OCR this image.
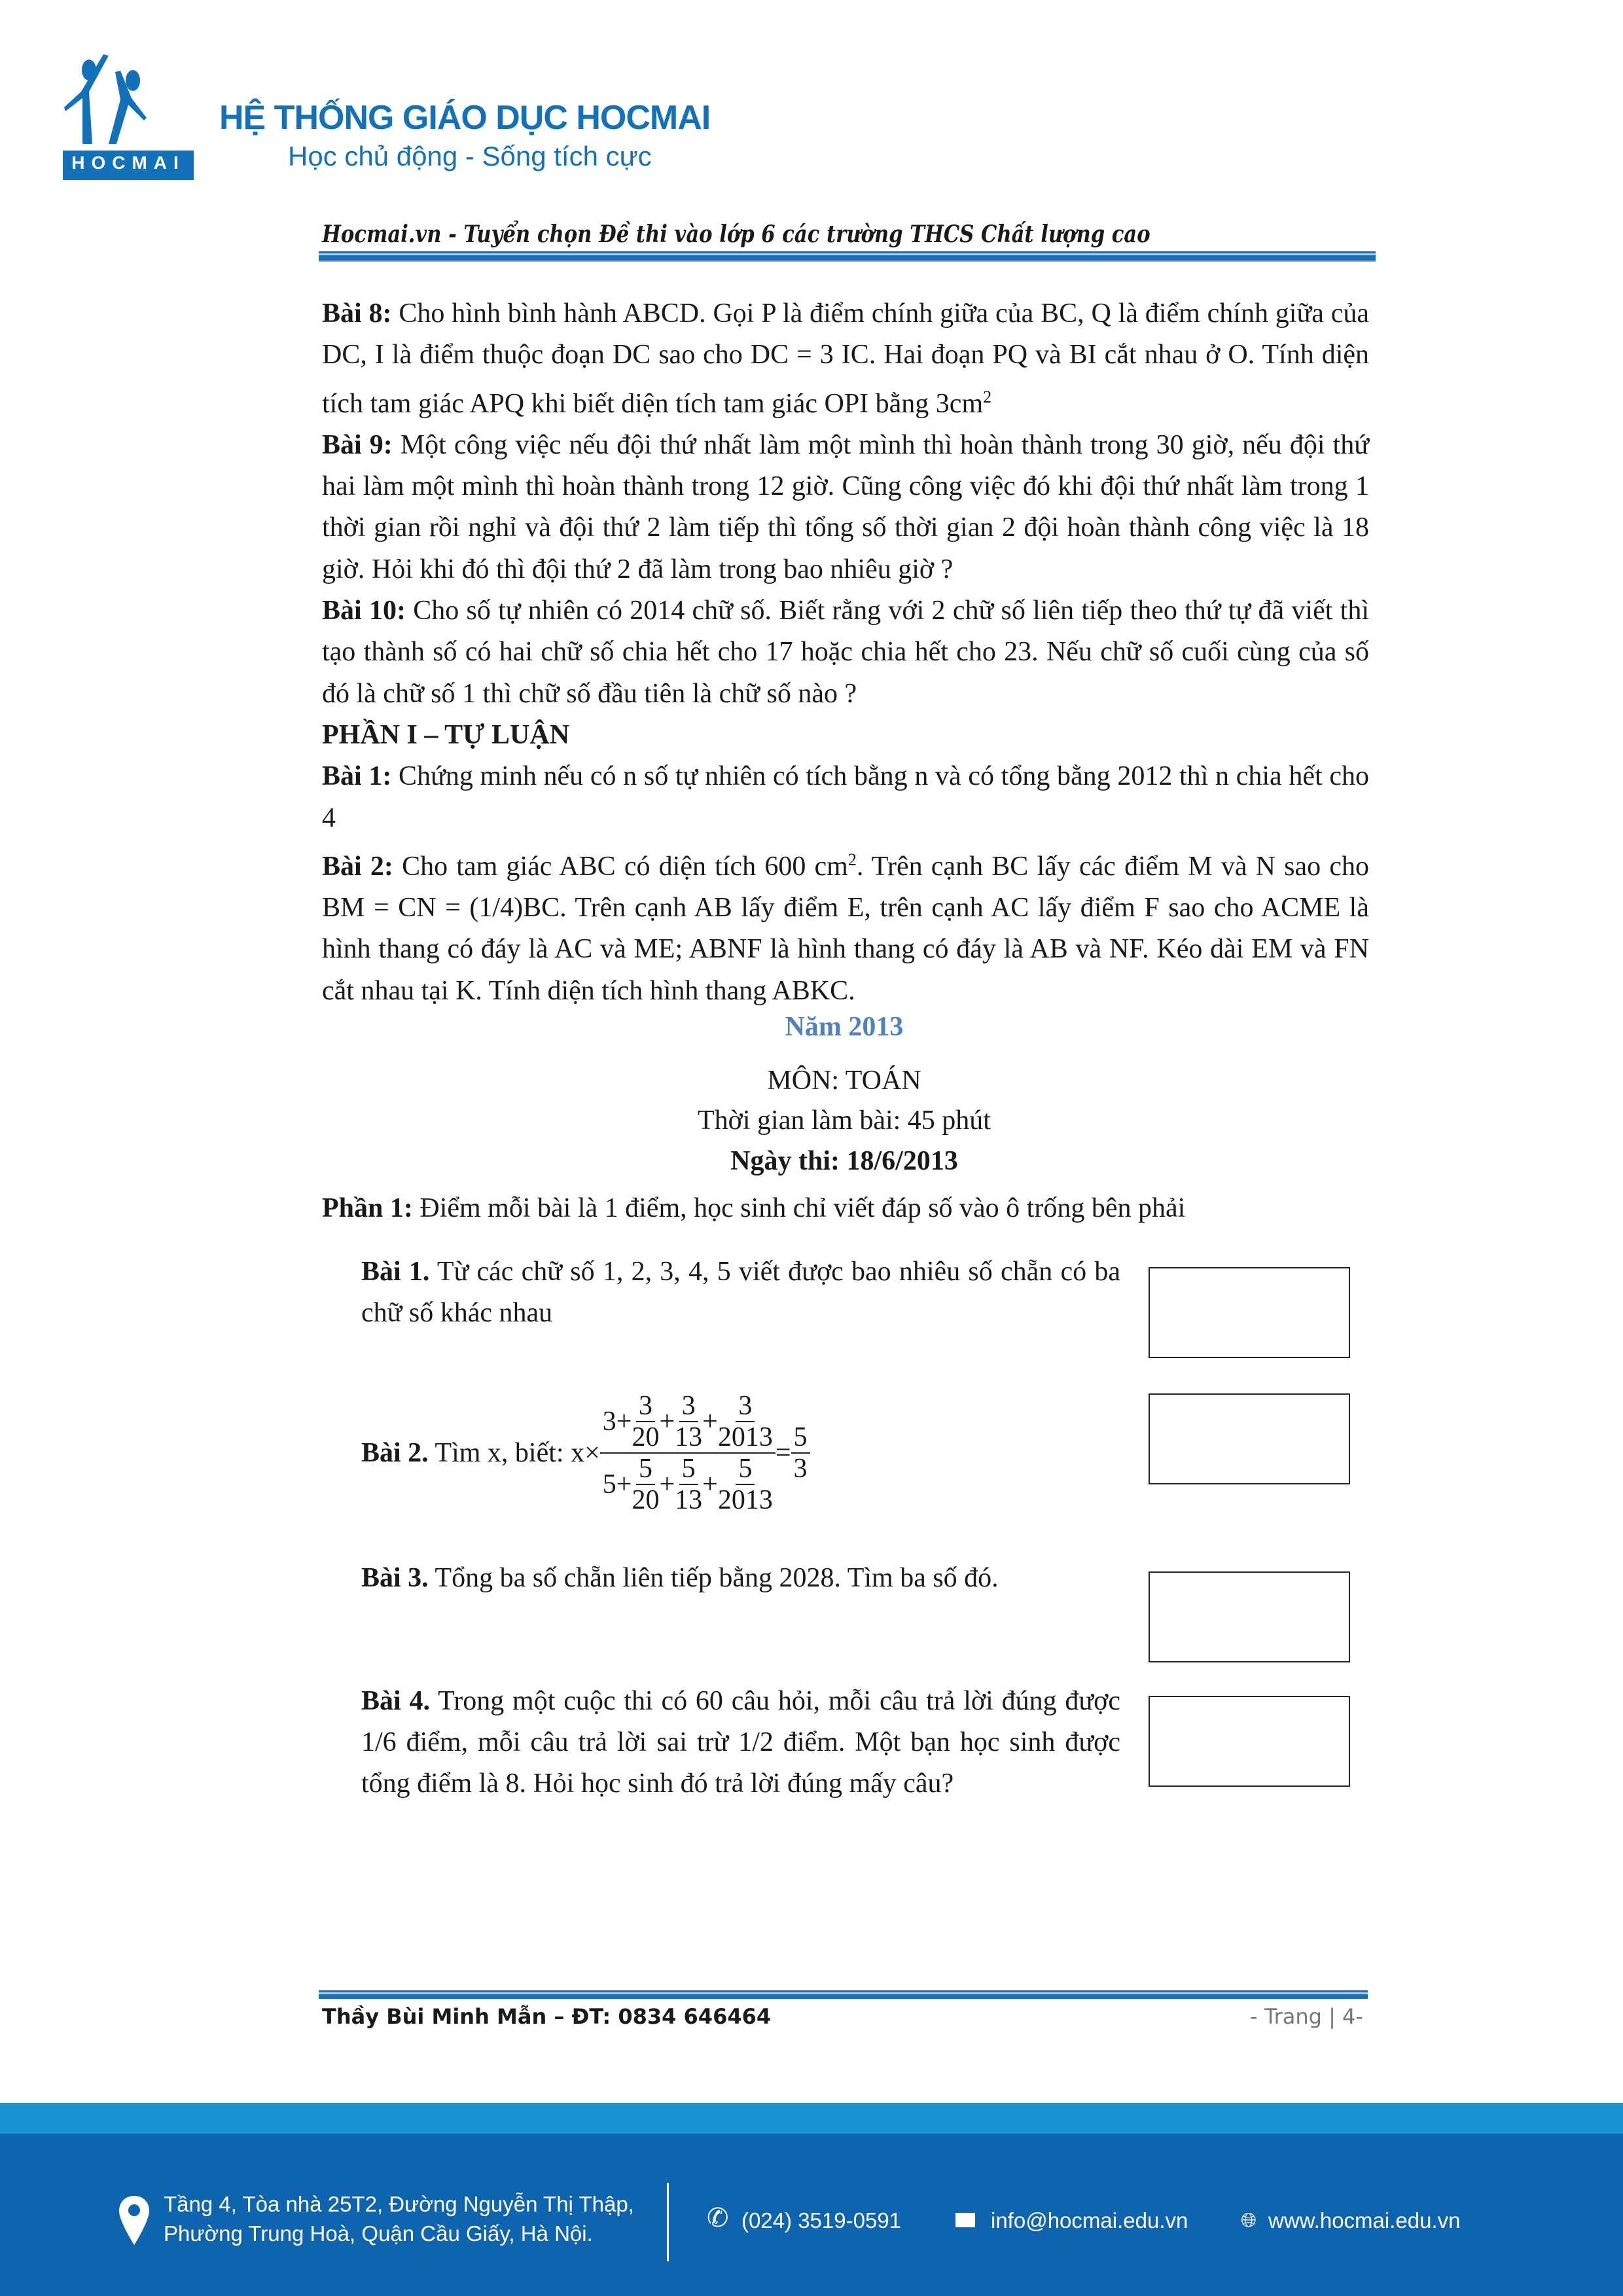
HOCMAI
HỆ THỐNG GIÁO DỤC HOCMAI
Học chủ động - Sống tích cực
Hocmai.vn - Tuyển chọn Đề thi vào lớp 6 các trường THCS Chất lượng cao

Bài 8: Cho hình bình hành ABCD. Gọi P là điểm chính giữa của BC, Q là điểm chính giữa của DC, I là điểm thuộc đoạn DC sao cho DC = 3 IC. Hai đoạn PQ và BI cắt nhau ở O. Tính diện tích tam giác APQ khi biết diện tích tam giác OPI bằng $3cm^2$

Bài 9: Một công việc nếu đội thứ nhất làm một mình thì hoàn thành trong 30 giờ, nếu đội thứ hai làm một mình thì hoàn thành trong 12 giờ. Cũng công việc đó khi đội thứ nhất làm trong 1 thời gian rồi nghỉ và đội thứ 2 làm tiếp thì tổng số thời gian 2 đội hoàn thành công việc là 18 giờ. Hỏi khi đó thì đội thứ 2 đã làm trong bao nhiêu giờ ?

Bài 10: Cho số tự nhiên có 2014 chữ số. Biết rằng với 2 chữ số liên tiếp theo thứ tự đã viết thì tạo thành số có hai chữ số chia hết cho 17 hoặc chia hết cho 23. Nếu chữ số cuối cùng của số đó là chữ số 1 thì chữ số đầu tiên là chữ số nào ?

PHẦN I – TỰ LUẬN

Bài 1: Chứng minh nếu có n số tự nhiên có tích bằng n và có tổng bằng 2012 thì n chia hết cho 4

Bài 2: Cho tam giác ABC có diện tích 600 $cm^2$. Trên cạnh BC lấy các điểm M và N sao cho BM = CN = (1/4)BC. Trên cạnh AB lấy điểm E, trên cạnh AC lấy điểm F sao cho ACME là hình thang có đáy là AC và ME; ABNF là hình thang có đáy là AB và NF. Kéo dài EM và FN cắt nhau tại K. Tính diện tích hình thang ABKC.

Năm 2013
MÔN: TOÁN
Thời gian làm bài: 45 phút
Ngày thi: 18/6/2013
Phần 1: Điểm mỗi bài là 1 điểm, học sinh chỉ viết đáp số vào ô trống bên phải
Bài 1. Từ các chữ số 1, 2, 3, 4, 5 viết được bao nhiêu số chẵn có ba chữ số khác nhau
Bài 2. Tìm x, biết: $x\times \frac{3 + \frac{3}{20} + \frac{3}{13} + \frac{3}{2013}}{5 + \frac{5}{20} + \frac{5}{13} + \frac{5}{2013}} = \frac{5}{3}$
Bài 3. Tổng ba số chẵn liên tiếp bằng 2028. Tìm ba số đó.
Bài 4. Trong một cuộc thi có 60 câu hỏi, mỗi câu trả lời đúng được 1/6 điểm, mỗi câu trả lời sai trừ 1/2 điểm. Một bạn học sinh được tổng điểm là 8. Hỏi học sinh đó trả lời đúng mấy câu?
Thầy Bùi Minh Mẫn – ĐT: 0834 646464	- Trang | 4-
Tầng 4, Tòa nhà 25T2, Đường Nguyễn Thị Thập,
Phường Trung Hoà, Quận Cầu Giấy, Hà Nội.
✆ (024) 3519-0591	info@hocmai.edu.vn	🌐︎ www.hocmai.edu.vn
